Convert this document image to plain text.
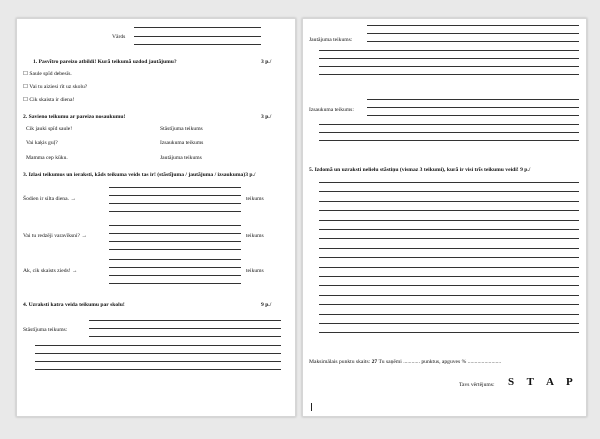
Vārds
1. Pasvītro pareizo atbildi! Kurā teikumā uzdod jautājumu?	3 p./
☐ Saule spīd debesīs.
☐ Vai tu aiziesi rīt uz skolu?
☐ Cik skaista ir diena!
2. Savieno teikumu ar pareizo nosaukumu!	3 p./
Cik jauki spīd saule!
Vai kaķis guļ?
Mamma cep kūku.
Stāstījuma teikums
Izsaukuma teikums
Jautājuma teikums
3. Izlasi teikumus un ieraksti, kāds teikuma veids tas ir! (stāstījuma / jautājuma / izsaukuma)3 p./
Šodien ir silta diena. →	teikums
Vai tu redzēji varavīksni? →	teikums
Ak, cik skaists zieds! →	teikums
4. Uzraksti katra veida teikumu par skolu!	9 p./
Stāstījuma teikums:
Jautājuma teikums:
Izsaukuma teikums:
5. Izdomā un uzraksti nelielu stāstiņu (vismaz 3 teikumi), kurā ir visi trīs teikumu veidi! 9 p./
Maksimālais punktu skaits: 27 Tu saņēmi ............ punktus, apguves % ........................
Tavs vērtējums: S T A P
